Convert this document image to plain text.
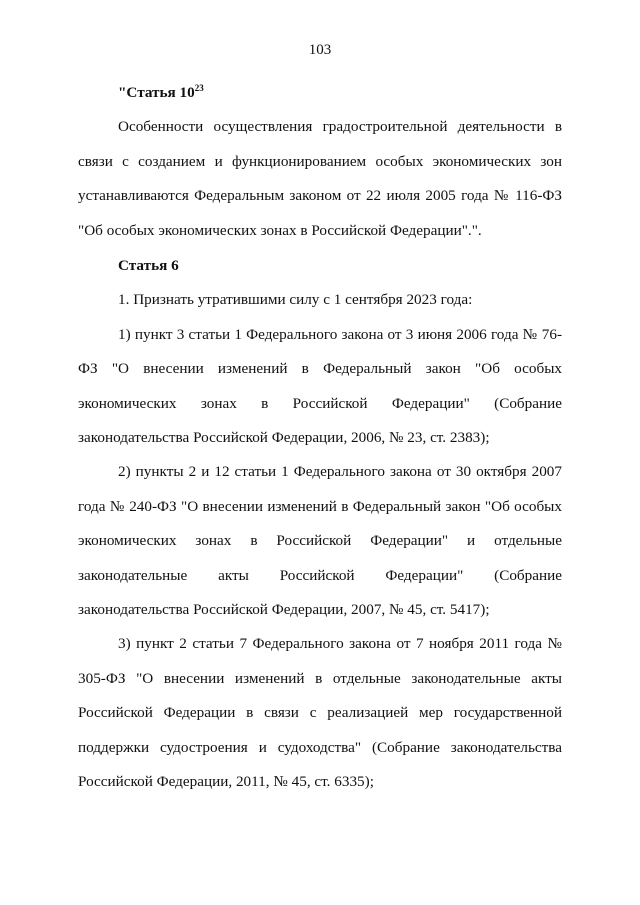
103
"Статья $10^{23}$

Особенности осуществления градостроительной деятельности в связи с созданием и функционированием особых экономических зон устанавливаются Федеральным законом от 22 июля 2005 года № 116-ФЗ "Об особых экономических зонах в Российской Федерации".".

Статья 6

1. Признать утратившими силу с 1 сентября 2023 года:

1) пункт 3 статьи 1 Федерального закона от 3 июня 2006 года № 76-ФЗ "О внесении изменений в Федеральный закон "Об особых экономических зонах в Российской Федерации" (Собрание законодательства Российской Федерации, 2006, № 23, ст. 2383);

2) пункты 2 и 12 статьи 1 Федерального закона от 30 октября 2007 года № 240-ФЗ "О внесении изменений в Федеральный закон "Об особых экономических зонах в Российской Федерации" и отдельные законодательные акты Российской Федерации" (Собрание законодательства Российской Федерации, 2007, № 45, ст. 5417);

3) пункт 2 статьи 7 Федерального закона от 7 ноября 2011 года № 305-ФЗ "О внесении изменений в отдельные законодательные акты Российской Федерации в связи с реализацией мер государственной поддержки судостроения и судоходства" (Собрание законодательства Российской Федерации, 2011, № 45, ст. 6335);
